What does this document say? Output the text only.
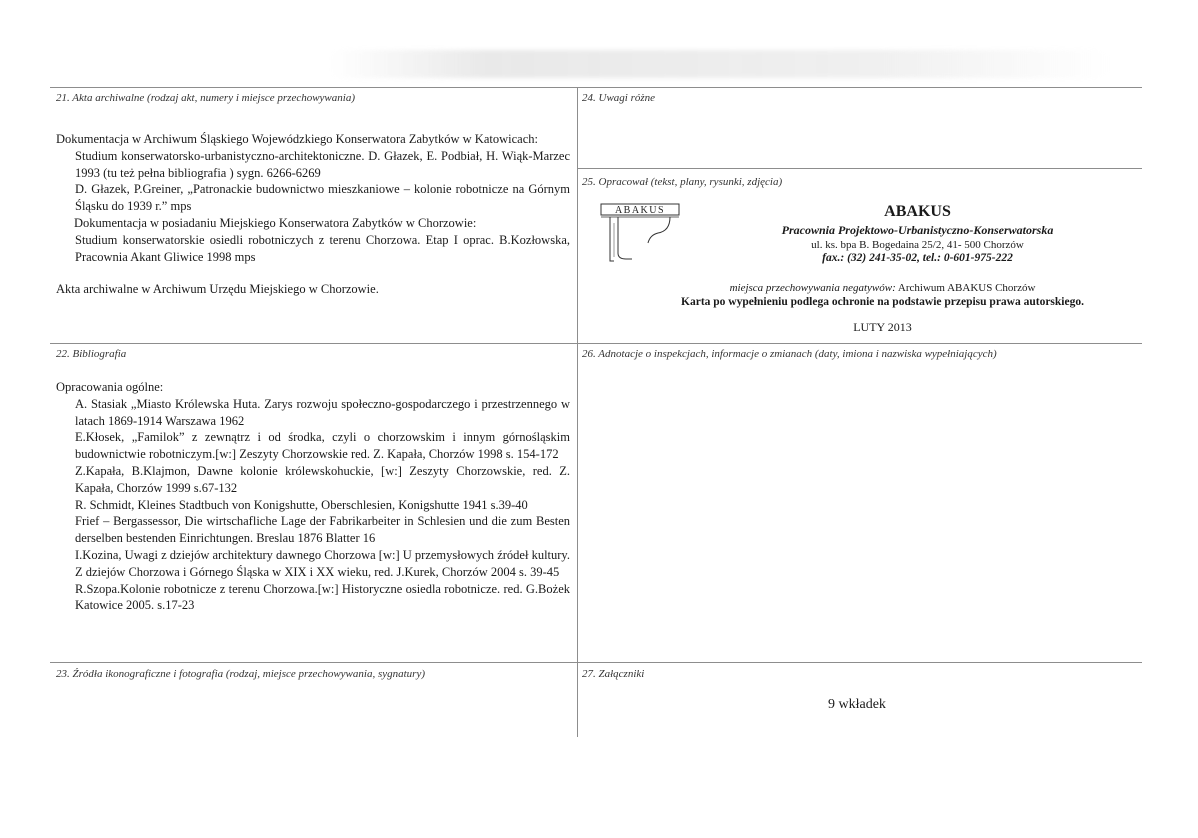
21. Akta archiwalne (rodzaj akt, numery i miejsce przechowywania)

Dokumentacja w Archiwum Śląskiego Wojewódzkiego Konserwatora Zabytków w Katowicach:

Studium konserwatorsko-urbanistyczno-architektoniczne. D. Głazek, E. Podbiał, H. Wiąk-Marzec 1993 (tu też pełna bibliografia ) sygn. 6266-6269

D. Głazek, P.Greiner, „Patronackie budownictwo mieszkaniowe – kolonie robotnicze na Górnym Śląsku do 1939 r.” mps

Dokumentacja w posiadaniu Miejskiego Konserwatora Zabytków w Chorzowie:

Studium konserwatorskie osiedli robotniczych z terenu Chorzowa. Etap I oprac. B.Kozłowska, Pracownia Akant Gliwice 1998 mps

Akta archiwalne w Archiwum Urzędu Miejskiego w Chorzowie.

22. Bibliografia

Opracowania ogólne:

A. Stasiak „Miasto Królewska Huta. Zarys rozwoju społeczno-gospodarczego i przestrzennego w latach 1869-1914 Warszawa 1962

E.Kłosek, „Familok” z zewnątrz i od środka, czyli o chorzowskim i innym górnośląskim budownictwie robotniczym.[w:] Zeszyty Chorzowskie red. Z. Kapała, Chorzów 1998 s. 154-172

Z.Kapała, B.Klajmon, Dawne kolonie królewskohuckie, [w:] Zeszyty Chorzowskie, red. Z. Kapała, Chorzów 1999 s.67-132

R. Schmidt, Kleines Stadtbuch von Konigshutte, Oberschlesien, Konigshutte 1941 s.39-40

Frief – Bergassessor, Die wirtschafliche Lage der Fabrikarbeiter in Schlesien und die zum Besten derselben bestenden Einrichtungen. Breslau 1876 Blatter 16

I.Kozina, Uwagi z dziejów architektury dawnego Chorzowa [w:] U przemysłowych źródeł kultury. Z dziejów Chorzowa i Górnego Śląska w XIX i XX wieku, red. J.Kurek, Chorzów 2004 s. 39-45

R.Szopa.Kolonie robotnicze z terenu Chorzowa.[w:] Historyczne osiedla robotnicze. red. G.Bożek Katowice 2005. s.17-23

23. Źródła ikonograficzne i fotografia (rodzaj, miejsce przechowywania, sygnatury)
24. Uwagi różne
25. Opracował (tekst, plany, rysunki, zdjęcia)
ABAKUS	ABAKUS
Pracownia Projektowo-Urbanistyczno-Konserwatorska
ul. ks. bpa B. Bogedaina 25/2, 41- 500 Chorzów
fax.: (32) 241-35-02, tel.: 0-601-975-222
miejsca przechowywania negatywów: Archiwum ABAKUS Chorzów
Karta po wypełnieniu podlega ochronie na podstawie przepisu prawa autorskiego.
LUTY 2013
26. Adnotacje o inspekcjach, informacje o zmianach (daty, imiona i nazwiska wypełniających)
27. Załączniki
9 wkładek
